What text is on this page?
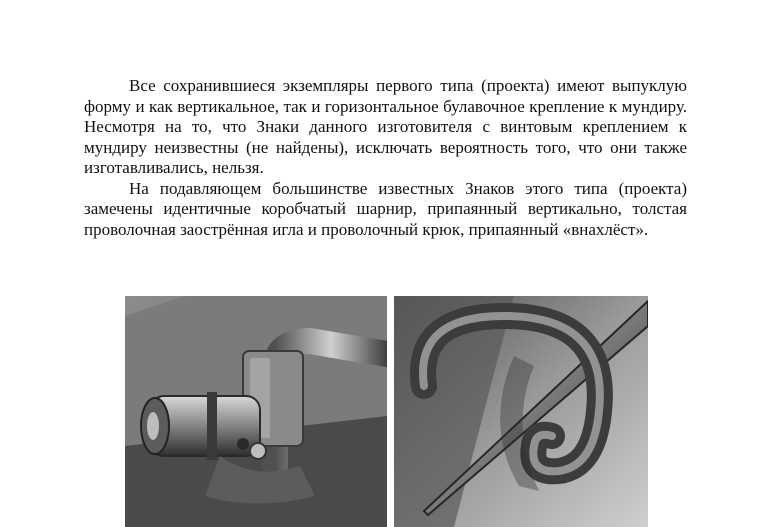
Все сохранившиеся экземпляры первого типа (проекта) имеют выпуклую форму и как вертикальное, так и горизонтальное булавочное крепление к мундиру. Несмотря на то, что Знаки данного изготовителя с винтовым креплением к мундиру неизвестны (не найдены), исключать вероятность того, что они также изготавливались, нельзя.

На подавляющем большинстве известных Знаков этого типа (проекта) замечены идентичные коробчатый шарнир, припаянный вертикально, толстая проволочная заострённая игла и проволочный крюк, припаянный «внахлёст».
